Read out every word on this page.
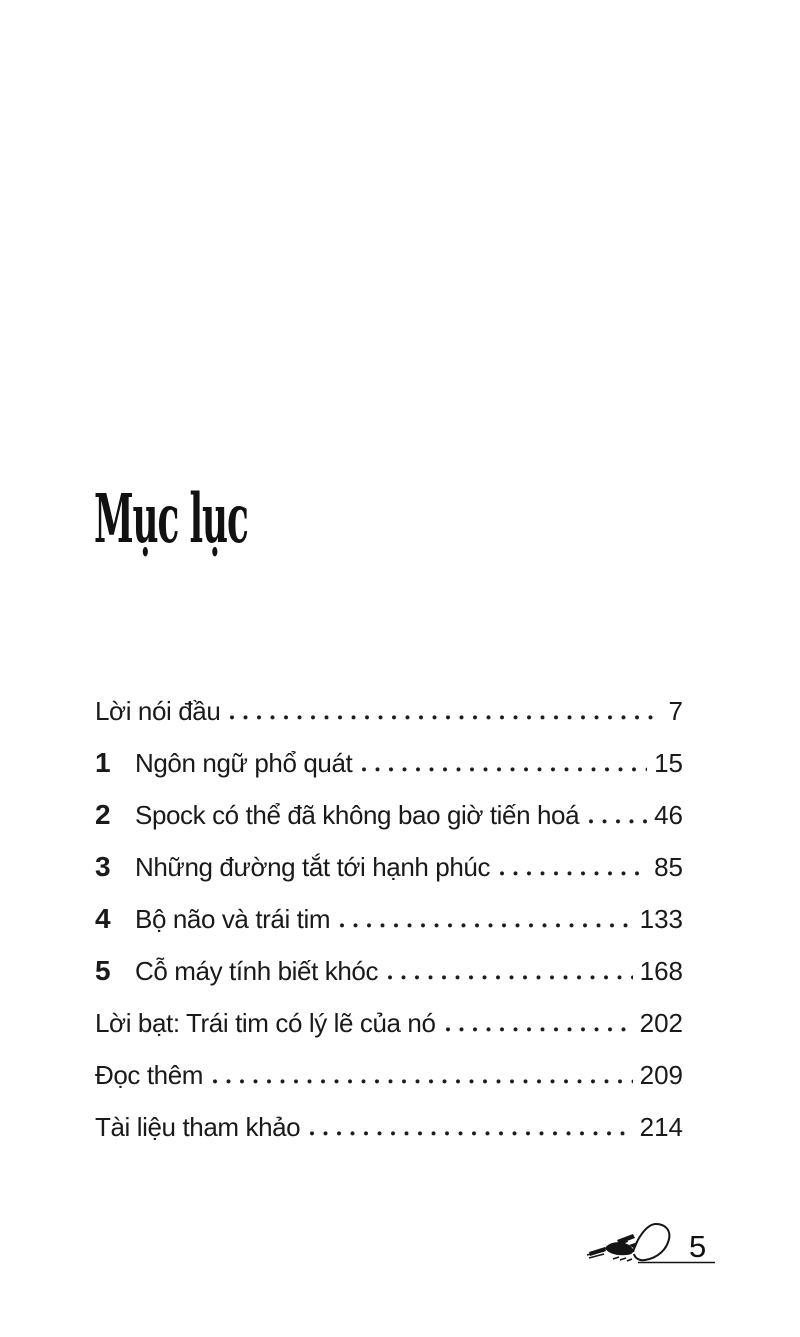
Mục lục
Lời nói đầu	7
1 Ngôn ngữ phổ quát	15
2 Spock có thể đã không bao giờ tiến hoá	46
3 Những đường tắt tới hạnh phúc	85
4 Bộ não và trái tim	133
5 Cỗ máy tính biết khóc	168
Lời bạt: Trái tim có lý lẽ của nó	202
Đọc thêm	209
Tài liệu tham khảo	214
5
